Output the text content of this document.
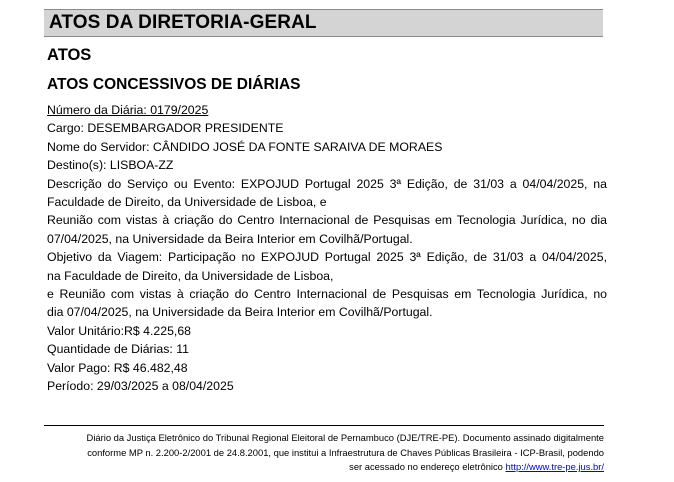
ATOS DA DIRETORIA-GERAL
ATOS
ATOS CONCESSIVOS DE DIÁRIAS

Número da Diária: 0179/2025

Cargo: DESEMBARGADOR PRESIDENTE

Nome do Servidor: CÂNDIDO JOSÉ DA FONTE SARAIVA DE MORAES

Destino(s): LISBOA-ZZ

Descrição do Serviço ou Evento: EXPOJUD Portugal 2025 3ª Edição, de 31/03 a 04/04/2025, na

Faculdade de Direito, da Universidade de Lisboa, e

Reunião com vistas à criação do Centro Internacional de Pesquisas em Tecnologia Jurídica, no dia

07/04/2025, na Universidade da Beira Interior em Covilhã/Portugal.

Objetivo da Viagem: Participação no EXPOJUD Portugal 2025 3ª Edição, de 31/03 a 04/04/2025,

na Faculdade de Direito, da Universidade de Lisboa,

e Reunião com vistas à criação do Centro Internacional de Pesquisas em Tecnologia Jurídica, no

dia 07/04/2025, na Universidade da Beira Interior em Covilhã/Portugal.

Valor Unitário:R$ 4.225,68

Quantidade de Diárias: 11

Valor Pago: R$ 46.482,48

Período: 29/03/2025 a 08/04/2025

Diário da Justiça Eletrônico do Tribunal Regional Eleitoral de Pernambuco (DJE/TRE-PE). Documento assinado digitalmente
conforme MP n. 2.200-2/2001 de 24.8.2001, que institui a Infraestrutura de Chaves Públicas Brasileira - ICP-Brasil, podendo
ser acessado no endereço eletrônico http://www.tre-pe.jus.br/
